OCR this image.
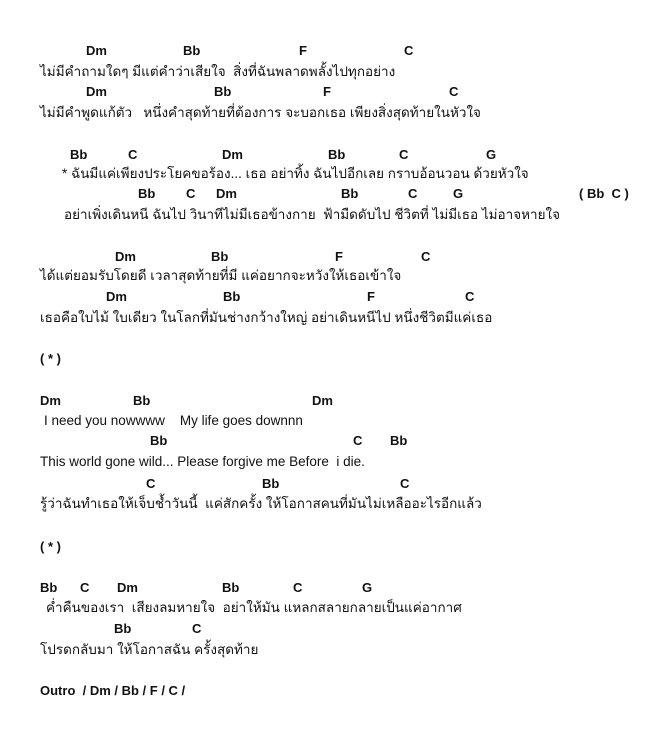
Dm	Bb	F	C
ไม่มีคำถามใดๆ มีแต่คำว่าเสียใจ  สิ่งที่ฉันพลาดพลั้งไปทุกอย่าง
Dm	Bb	F	C
ไม่มีคำพูดแก้ตัว   หนึ่งคำสุดท้ายที่ต้องการ จะบอกเธอ เพียงสิ่งสุดท้ายในหัวใจ
Bb	C	Dm	Bb	C	G
* ฉันมีแค่เพียงประโยคขอร้อง... เธอ อย่าทิ้ง ฉันไปอีกเลย กราบอ้อนวอน ด้วยหัวใจ
Bb C Dm	Bb	C	G	( Bb  C )
อย่าเพิ่งเดินหนี ฉันไป วินาทีไม่มีเธอข้างกาย  ฟ้ามืดดับไป ชีวิตที่ ไม่มีเธอ ไม่อาจหายใจ
Dm	Bb	F	C
ได้แต่ยอมรับโดยดี เวลาสุดท้ายที่มี แค่อยากจะหวังให้เธอเข้าใจ
Dm	Bb	F	C
เธอคือใบไม้ ใบเดียว ในโลกที่มันช่างกว้างใหญ่ อย่าเดินหนีไป หนึ่งชีวิตมีแค่เธอ
( * )
Dm	Bb	Dm
I need you nowwww    My life goes downnn
Bb	C Bb
This world gone wild... Please forgive me Before  i die.
C	Bb	C
รู้ว่าฉันทำเธอให้เจ็บช้ำวันนี้  แค่สักครั้ง ให้โอกาสคนที่มันไม่เหลืออะไรอีกแล้ว
( * )
Bb C Dm	Bb	C	G
ค่ำคืนของเรา  เสียงลมหายใจ  อย่าให้มัน แหลกสลายกลายเป็นแค่อากาศ
Bb	C
โปรดกลับมา ให้โอกาสฉัน ครั้งสุดท้าย
Outro  / Dm / Bb / F / C /
